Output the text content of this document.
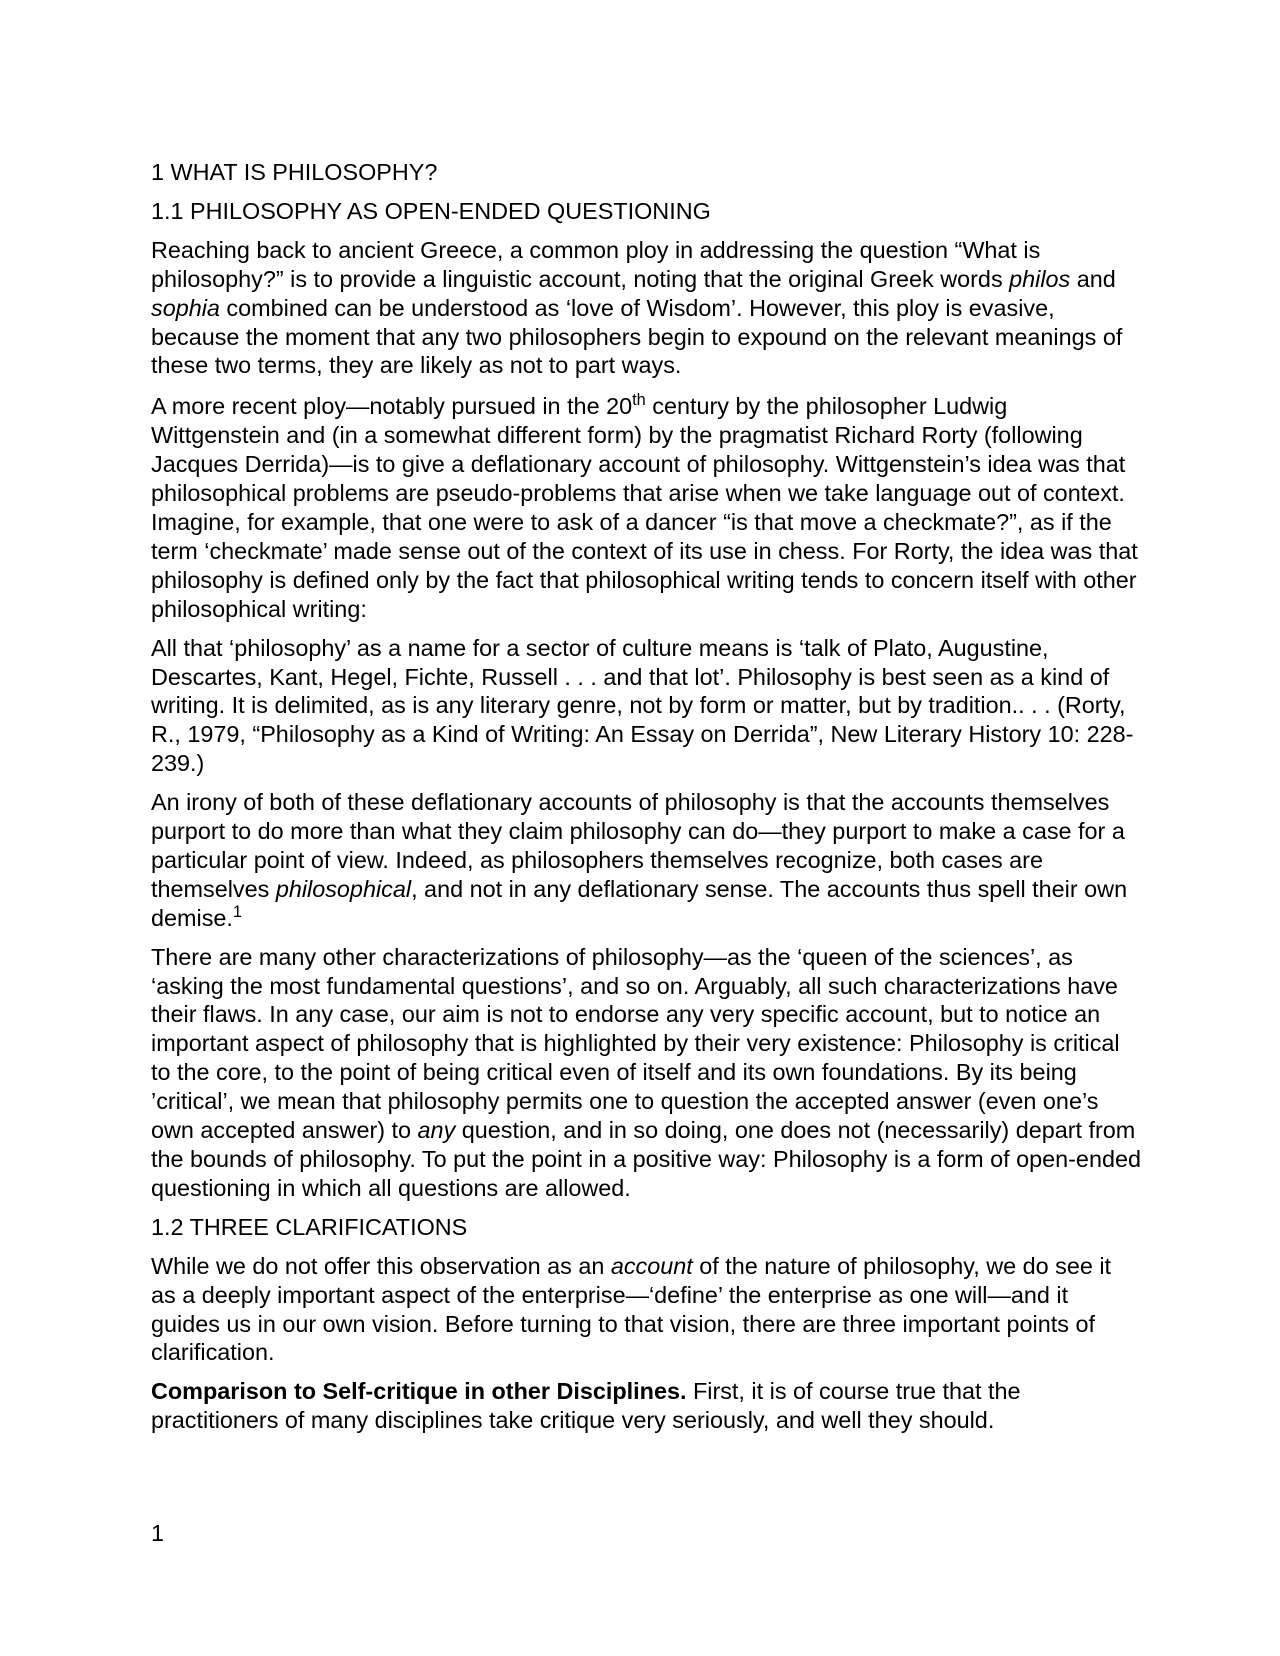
1 WHAT IS PHILOSOPHY?
1.1 PHILOSOPHY AS OPEN-ENDED QUESTIONING

Reaching back to ancient Greece, a common ploy in addressing the question “What is philosophy?” is to provide a linguistic account, noting that the original Greek words philos and sophia combined can be understood as ‘love of Wisdom’. However, this ploy is evasive, because the moment that any two philosophers begin to expound on the relevant meanings of these two terms, they are likely as not to part ways.

A more recent ploy—notably pursued in the 20th century by the philosopher Ludwig Wittgenstein and (in a somewhat different form) by the pragmatist Richard Rorty (following Jacques Derrida)—is to give a deflationary account of philosophy. Wittgenstein’s idea was that philosophical problems are pseudo-problems that arise when we take language out of context. Imagine, for example, that one were to ask of a dancer “is that move a checkmate?”, as if the term ‘checkmate’ made sense out of the context of its use in chess. For Rorty, the idea was that philosophy is defined only by the fact that philosophical writing tends to concern itself with other philosophical writing:

All that ‘philosophy’ as a name for a sector of culture means is ‘talk of Plato, Augustine, Descartes, Kant, Hegel, Fichte, Russell . . . and that lot’. Philosophy is best seen as a kind of writing. It is delimited, as is any literary genre, not by form or matter, but by tradition.. . . (Rorty, R., 1979, “Philosophy as a Kind of Writing: An Essay on Derrida”, New Literary History 10: 228-239.)

An irony of both of these deflationary accounts of philosophy is that the accounts themselves purport to do more than what they claim philosophy can do—they purport to make a case for a particular point of view. Indeed, as philosophers themselves recognize, both cases are themselves philosophical, and not in any deflationary sense. The accounts thus spell their own demise.$^1$

There are many other characterizations of philosophy—as the ‘queen of the sciences’, as ‘asking the most fundamental questions’, and so on. Arguably, all such characterizations have their flaws. In any case, our aim is not to endorse any very specific account, but to notice an important aspect of philosophy that is highlighted by their very existence: Philosophy is critical to the core, to the point of being critical even of itself and its own foundations. By its being ’critical’, we mean that philosophy permits one to question the accepted answer (even one’s own accepted answer) to any question, and in so doing, one does not (necessarily) depart from the bounds of philosophy. To put the point in a positive way: Philosophy is a form of open-ended questioning in which all questions are allowed.

1.2 THREE CLARIFICATIONS

While we do not offer this observation as an account of the nature of philosophy, we do see it as a deeply important aspect of the enterprise—‘define’ the enterprise as one will—and it guides us in our own vision. Before turning to that vision, there are three important points of clarification.

Comparison to Self-critique in other Disciplines. First, it is of course true that the practitioners of many disciplines take critique very seriously, and well they should.

1
